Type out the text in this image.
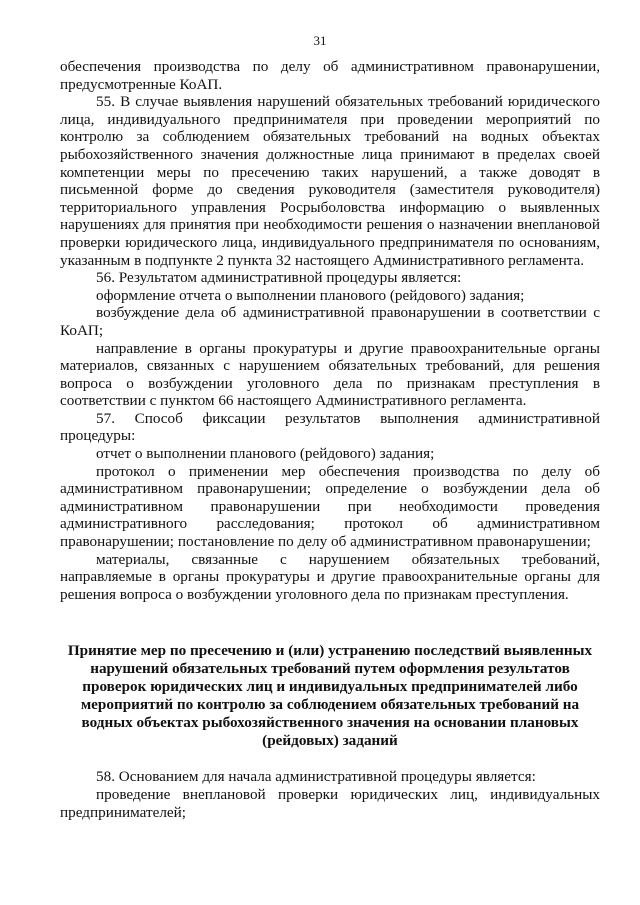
31

обеспечения производства по делу об административном правонарушении, предусмотренные КоАП.

55. В случае выявления нарушений обязательных требований юридического лица, индивидуального предпринимателя при проведении мероприятий по контролю за соблюдением обязательных требований на водных объектах рыбохозяйственного значения должностные лица принимают в пределах своей компетенции меры по пресечению таких нарушений, а также доводят в письменной форме до сведения руководителя (заместителя руководителя) территориального управления Росрыболовства информацию о выявленных нарушениях для принятия при необходимости решения о назначении внеплановой проверки юридического лица, индивидуального предпринимателя по основаниям, указанным в подпункте 2 пункта 32 настоящего Административного регламента.

56. Результатом административной процедуры является:

оформление отчета о выполнении планового (рейдового) задания;

возбуждение дела об административной правонарушении в соответствии с КоАП;

направление в органы прокуратуры и другие правоохранительные органы материалов, связанных с нарушением обязательных требований, для решения вопроса о возбуждении уголовного дела по признакам преступления в соответствии с пунктом 66 настоящего Административного регламента.

57. Способ фиксации результатов выполнения административной процедуры:

отчет о выполнении планового (рейдового) задания;

протокол о применении мер обеспечения производства по делу об административном правонарушении; определение о возбуждении дела об административном правонарушении при необходимости проведения административного расследования; протокол об административном правонарушении; постановление по делу об административном правонарушении;

материалы, связанные с нарушением обязательных требований, направляемые в органы прокуратуры и другие правоохранительные органы для решения вопроса о возбуждении уголовного дела по признакам преступления.

Принятие мер по пресечению и (или) устранению последствий выявленных нарушений обязательных требований путем оформления результатов проверок юридических лиц и индивидуальных предпринимателей либо мероприятий по контролю за соблюдением обязательных требований на водных объектах рыбохозяйственного значения на основании плановых (рейдовых) заданий

58. Основанием для начала административной процедуры является:

проведение внеплановой проверки юридических лиц, индивидуальных предпринимателей;
